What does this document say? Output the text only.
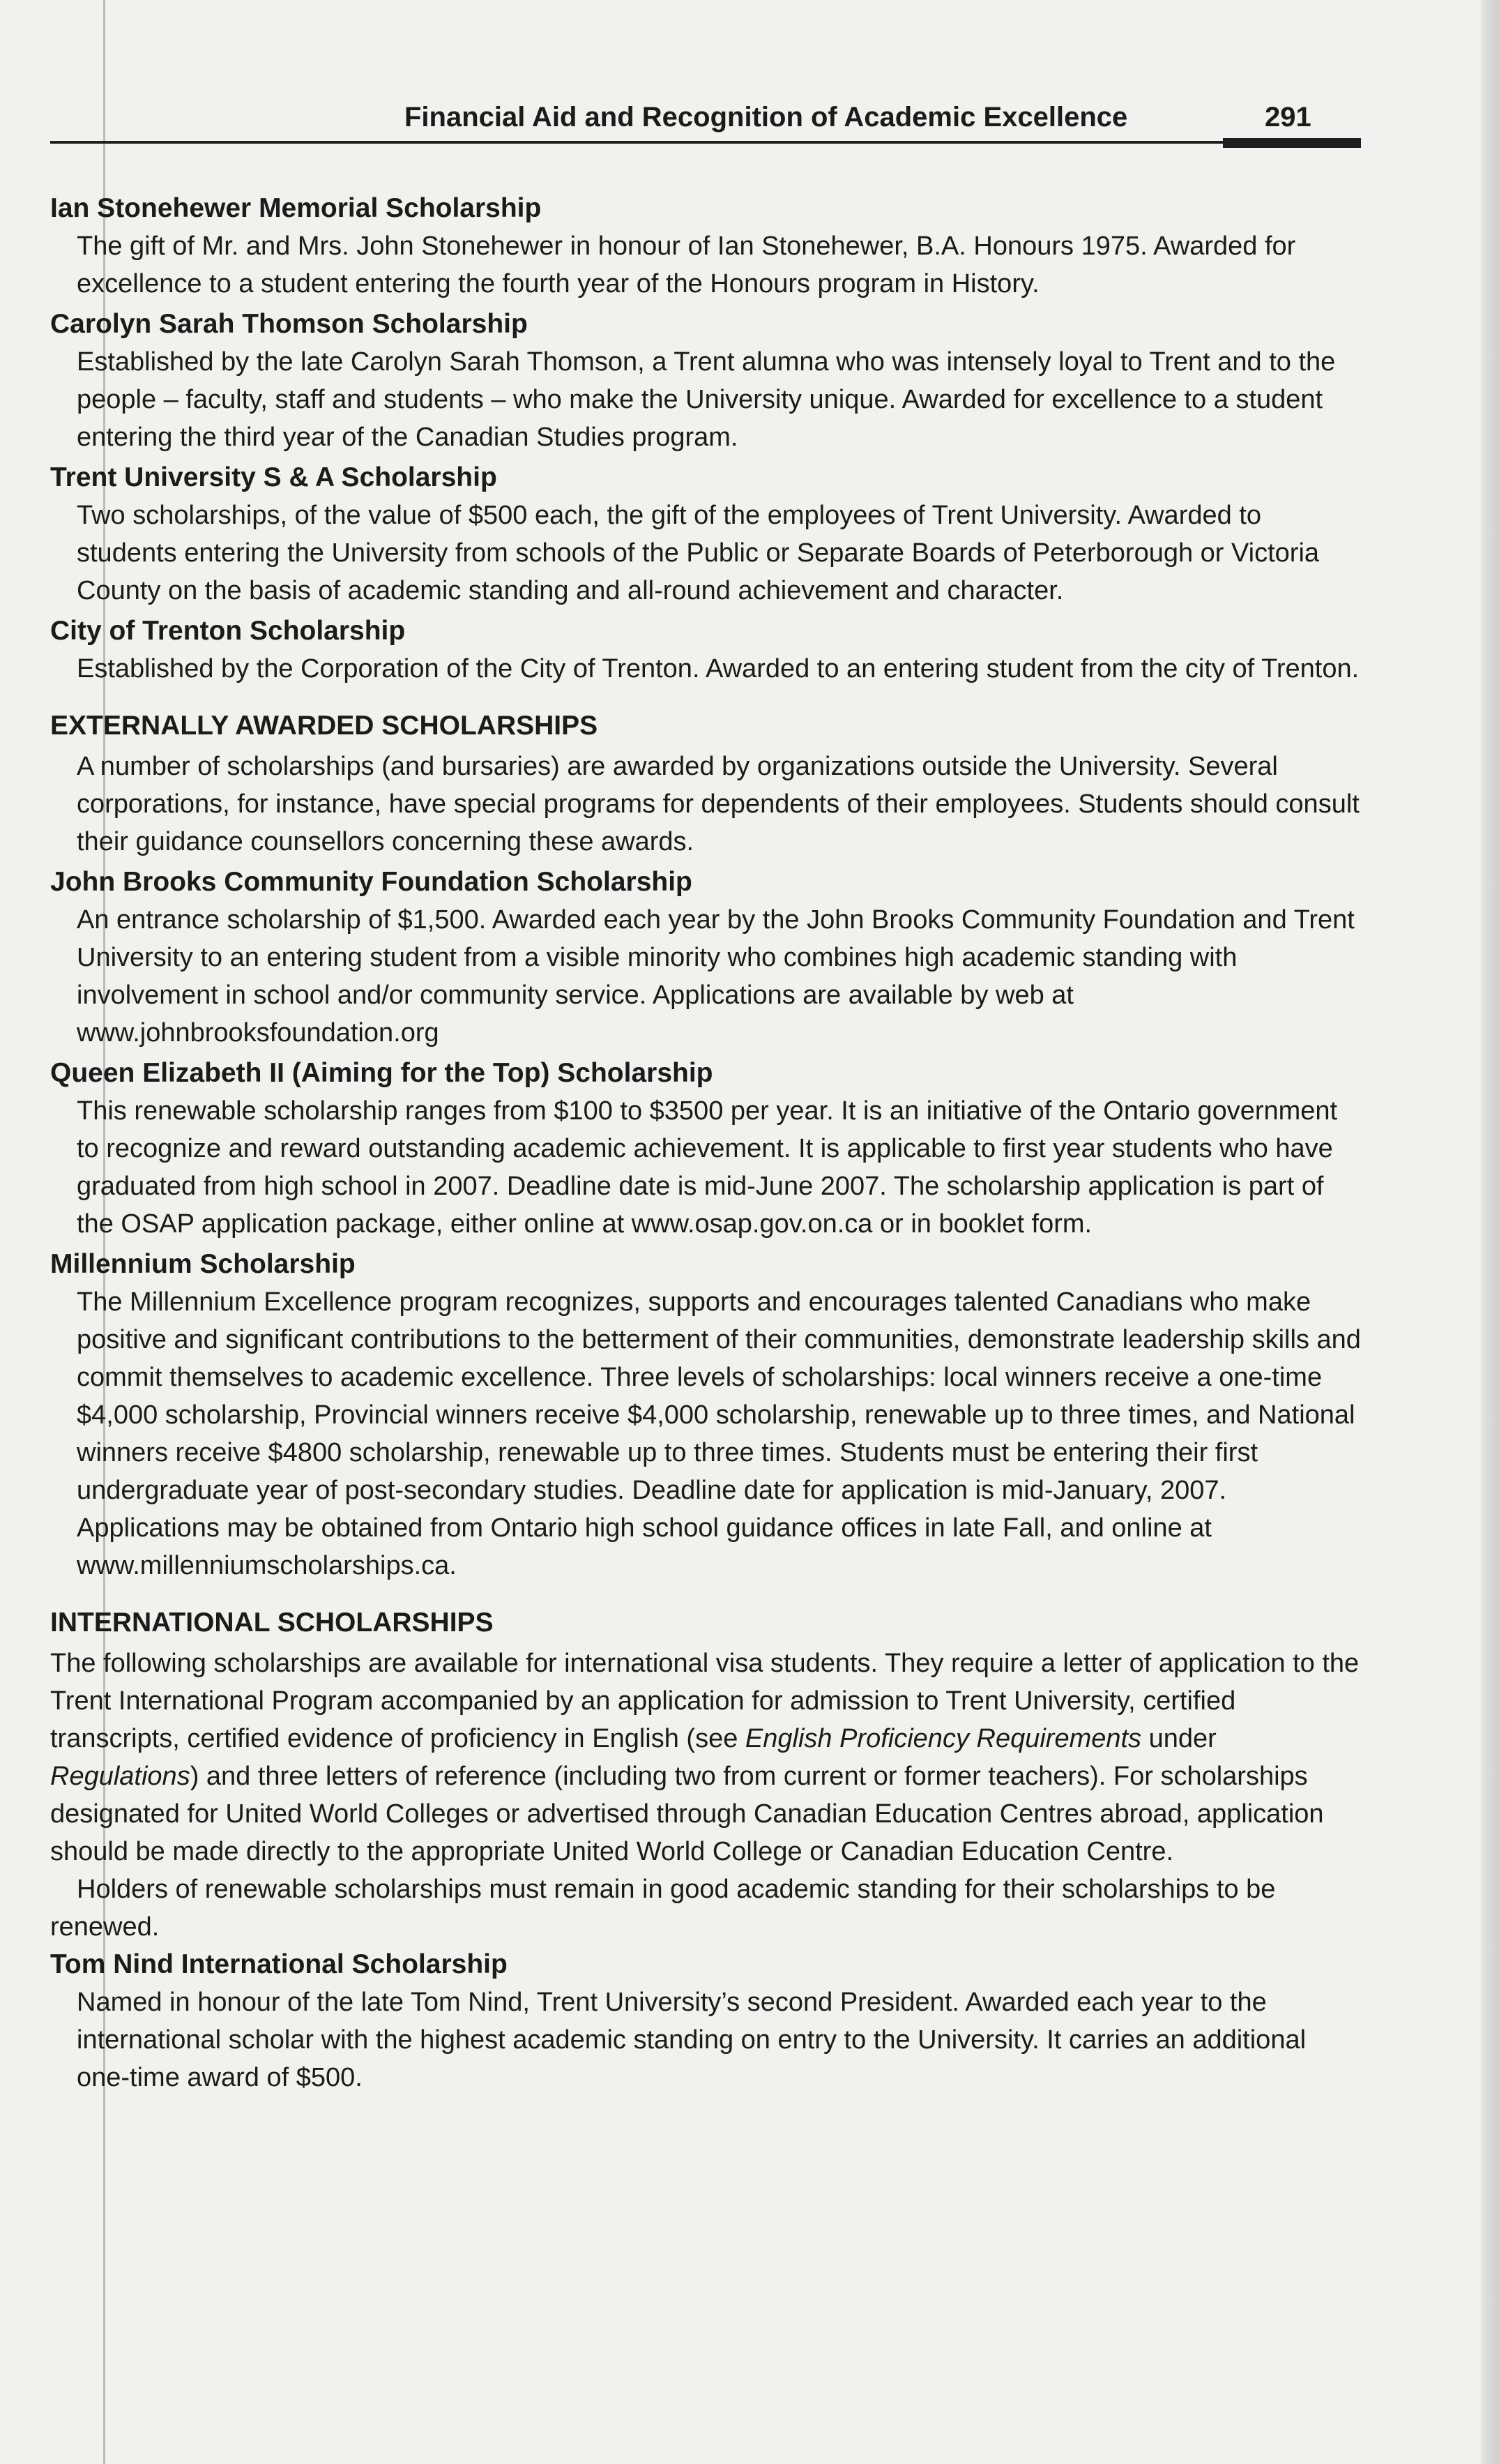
Financial Aid and Recognition of Academic Excellence	291
Ian Stonehewer Memorial Scholarship

The gift of Mr. and Mrs. John Stonehewer in honour of Ian Stonehewer, B.A. Honours 1975. Awarded for excellence to a student entering the fourth year of the Honours program in History.

Carolyn Sarah Thomson Scholarship

Established by the late Carolyn Sarah Thomson, a Trent alumna who was intensely loyal to Trent and to the people – faculty, staff and students – who make the University unique. Awarded for excellence to a student entering the third year of the Canadian Studies program.

Trent University S & A Scholarship

Two scholarships, of the value of $500 each, the gift of the employees of Trent University. Awarded to students entering the University from schools of the Public or Separate Boards of Peterborough or Victoria County on the basis of academic standing and all-round achievement and character.

City of Trenton Scholarship

Established by the Corporation of the City of Trenton. Awarded to an entering student from the city of Trenton.

EXTERNALLY AWARDED SCHOLARSHIPS

A number of scholarships (and bursaries) are awarded by organizations outside the University. Several corporations, for instance, have special programs for dependents of their employees. Students should consult their guidance counsellors concerning these awards.

John Brooks Community Foundation Scholarship

An entrance scholarship of $1,500. Awarded each year by the John Brooks Community Foundation and Trent University to an entering student from a visible minority who combines high academic standing with involvement in school and/or community service. Applications are available by web at www.johnbrooksfoundation.org

Queen Elizabeth II (Aiming for the Top) Scholarship

This renewable scholarship ranges from $100 to $3500 per year. It is an initiative of the Ontario government to recognize and reward outstanding academic achievement. It is applicable to first year students who have graduated from high school in 2007. Deadline date is mid-June 2007. The scholarship application is part of the OSAP application package, either online at www.osap.gov.on.ca or in booklet form.

Millennium Scholarship

The Millennium Excellence program recognizes, supports and encourages talented Canadians who make positive and significant contributions to the betterment of their communities, demonstrate leadership skills and commit themselves to academic excellence. Three levels of scholarships: local winners receive a one-time $4,000 scholarship, Provincial winners receive $4,000 scholarship, renewable up to three times, and National winners receive $4800 scholarship, renewable up to three times. Students must be entering their first undergraduate year of post-secondary studies. Deadline date for application is mid-January, 2007. Applications may be obtained from Ontario high school guidance offices in late Fall, and online at www.millenniumscholarships.ca.

INTERNATIONAL SCHOLARSHIPS

The following scholarships are available for international visa students. They require a letter of application to the Trent International Program accompanied by an application for admission to Trent University, certified transcripts, certified evidence of proficiency in English (see English Proficiency Requirements under Regulations) and three letters of reference (including two from current or former teachers). For scholarships designated for United World Colleges or advertised through Canadian Education Centres abroad, application should be made directly to the appropriate United World College or Canadian Education Centre.

Holders of renewable scholarships must remain in good academic standing for their scholarships to be renewed.

Tom Nind International Scholarship

Named in honour of the late Tom Nind, Trent University’s second President. Awarded each year to the international scholar with the highest academic standing on entry to the University. It carries an additional one-time award of $500.
